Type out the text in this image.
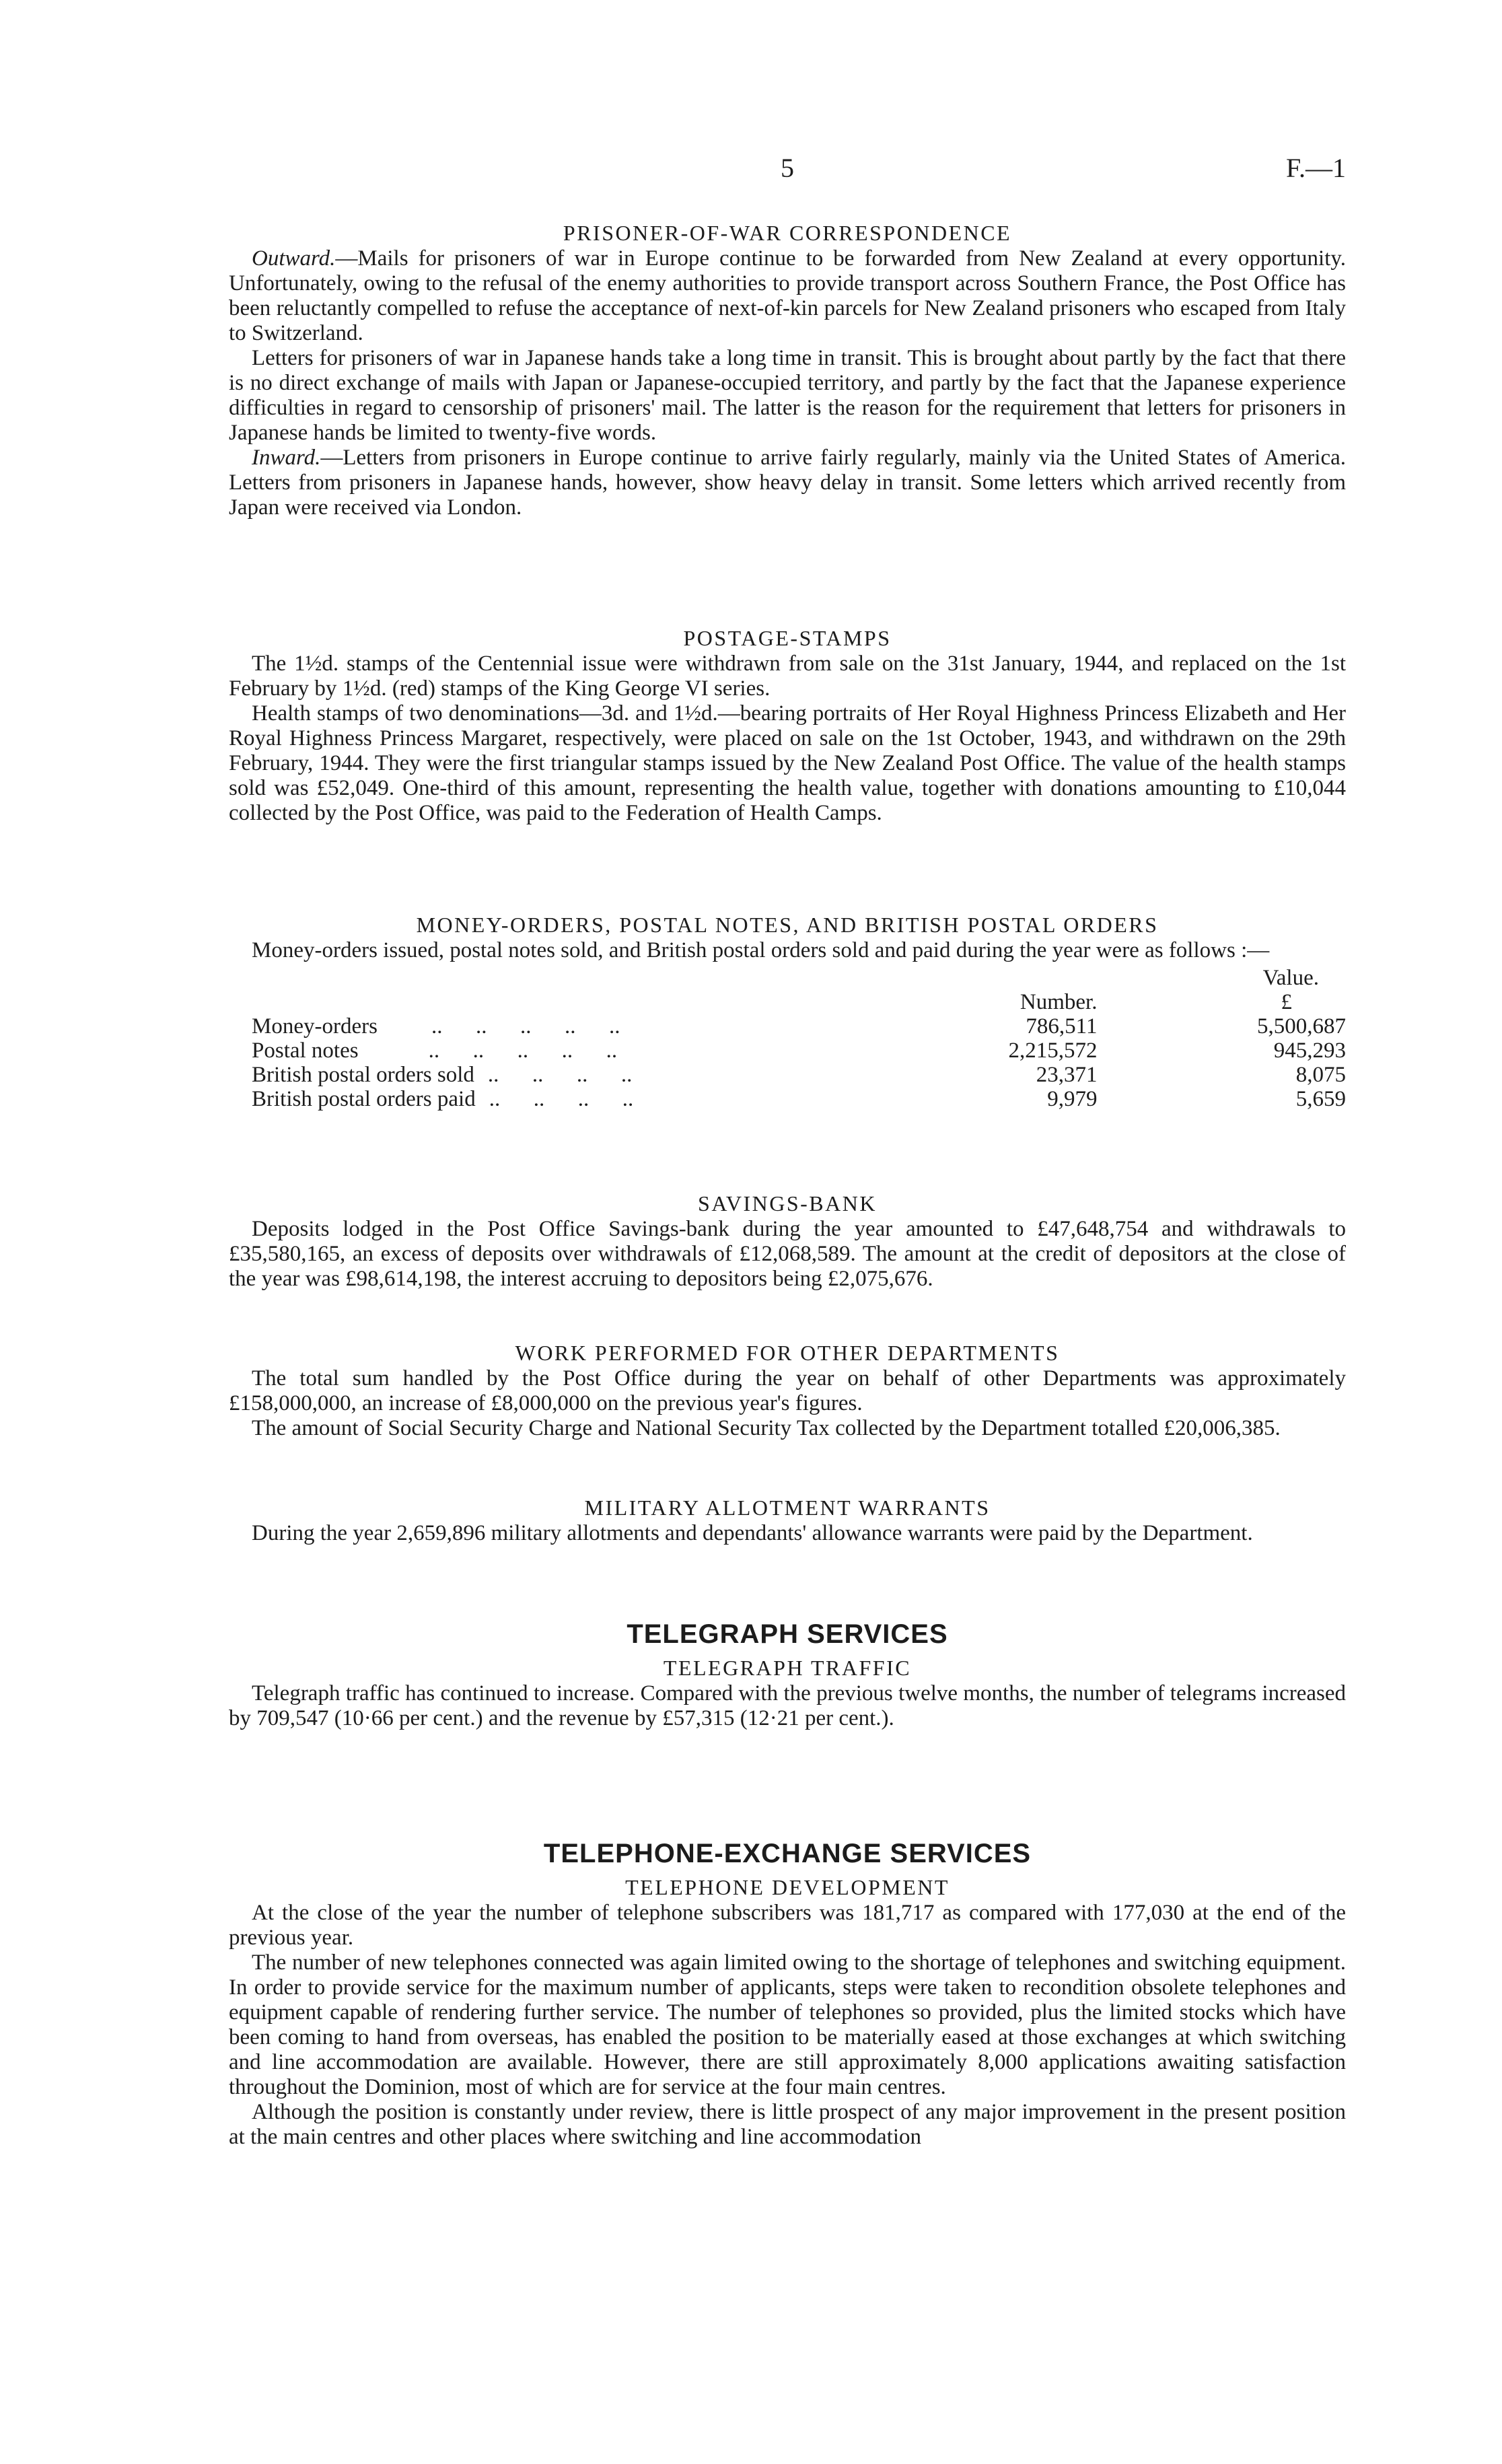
5	F.—1
PRISONER-OF-WAR CORRESPONDENCE

Outward.—Mails for prisoners of war in Europe continue to be forwarded from New Zealand at every opportunity. Unfortunately, owing to the refusal of the enemy authorities to provide transport across Southern France, the Post Office has been reluctantly compelled to refuse the acceptance of next-of-kin parcels for New Zealand prisoners who escaped from Italy to Switzerland.

Letters for prisoners of war in Japanese hands take a long time in transit. This is brought about partly by the fact that there is no direct exchange of mails with Japan or Japanese-occupied territory, and partly by the fact that the Japanese experience difficulties in regard to censorship of prisoners' mail. The latter is the reason for the requirement that letters for prisoners in Japanese hands be limited to twenty-five words.

Inward.—Letters from prisoners in Europe continue to arrive fairly regularly, mainly via the United States of America. Letters from prisoners in Japanese hands, however, show heavy delay in transit. Some letters which arrived recently from Japan were received via London.

POSTAGE-STAMPS

The 1½d. stamps of the Centennial issue were withdrawn from sale on the 31st January, 1944, and replaced on the 1st February by 1½d. (red) stamps of the King George VI series.

Health stamps of two denominations—3d. and 1½d.—bearing portraits of Her Royal Highness Princess Elizabeth and Her Royal Highness Princess Margaret, respectively, were placed on sale on the 1st October, 1943, and withdrawn on the 29th February, 1944. They were the first triangular stamps issued by the New Zealand Post Office. The value of the health stamps sold was £52,049. One-third of this amount, representing the health value, together with donations amounting to £10,044 collected by the Post Office, was paid to the Federation of Health Camps.

MONEY-ORDERS, POSTAL NOTES, AND BRITISH POSTAL ORDERS

Money-orders issued, postal notes sold, and British postal orders sold and paid during the year were as follows :—

		Value.
	Number.	£
Money-orders ..      ..      ..      ..      ..	786,511	5,500,687
Postal notes ..      ..      ..      ..      ..	2,215,572	945,293
British postal orders sold ..      ..      ..      ..	23,371	8,075
British postal orders paid ..      ..      ..      ..	9,979	5,659
SAVINGS-BANK

Deposits lodged in the Post Office Savings-bank during the year amounted to £47,648,754 and withdrawals to £35,580,165, an excess of deposits over withdrawals of £12,068,589. The amount at the credit of depositors at the close of the year was £98,614,198, the interest accruing to depositors being £2,075,676.

WORK PERFORMED FOR OTHER DEPARTMENTS

The total sum handled by the Post Office during the year on behalf of other Departments was approximately £158,000,000, an increase of £8,000,000 on the previous year's figures.

The amount of Social Security Charge and National Security Tax collected by the Department totalled £20,006,385.

MILITARY ALLOTMENT WARRANTS

During the year 2,659,896 military allotments and dependants' allowance warrants were paid by the Department.

TELEGRAPH SERVICES
TELEGRAPH TRAFFIC

Telegraph traffic has continued to increase. Compared with the previous twelve months, the number of telegrams increased by 709,547 (10·66 per cent.) and the revenue by £57,315 (12·21 per cent.).

TELEPHONE-EXCHANGE SERVICES
TELEPHONE DEVELOPMENT

At the close of the year the number of telephone subscribers was 181,717 as compared with 177,030 at the end of the previous year.

The number of new telephones connected was again limited owing to the shortage of telephones and switching equipment. In order to provide service for the maximum number of applicants, steps were taken to recondition obsolete telephones and equipment capable of rendering further service. The number of telephones so provided, plus the limited stocks which have been coming to hand from overseas, has enabled the position to be materially eased at those exchanges at which switching and line accommodation are available. However, there are still approximately 8,000 applications awaiting satisfaction throughout the Dominion, most of which are for service at the four main centres.

Although the position is constantly under review, there is little prospect of any major improvement in the present position at the main centres and other places where switching and line accommodation
